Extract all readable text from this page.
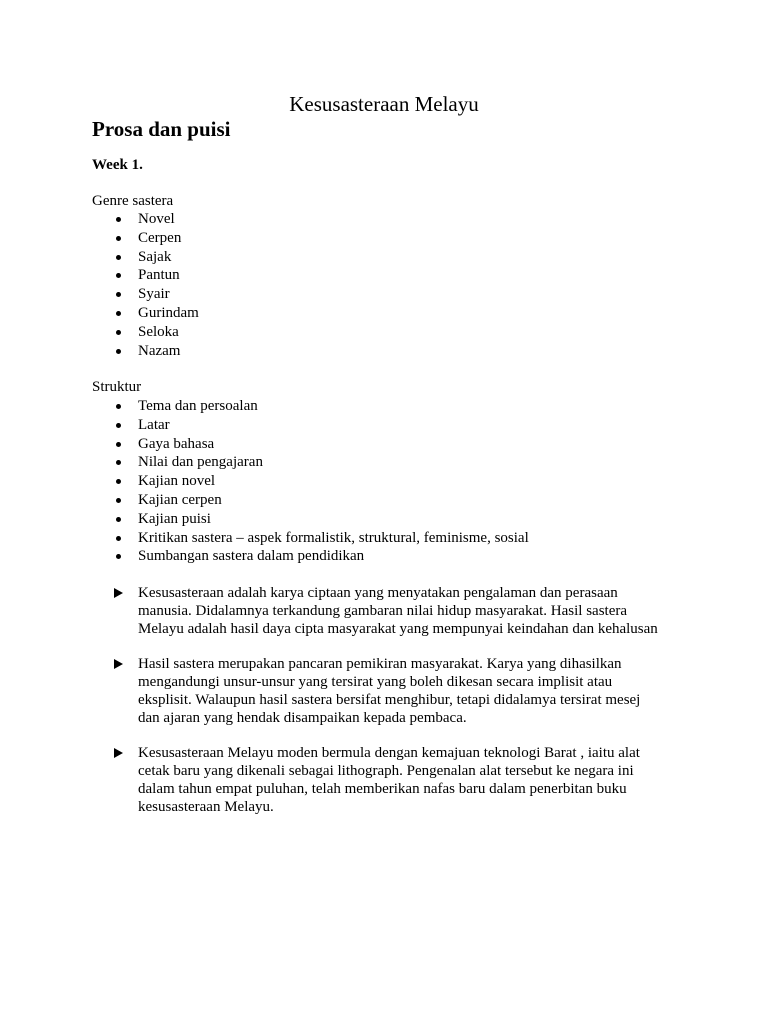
Kesusasteraan Melayu
Prosa dan puisi
Week 1.
Genre sastera
Novel
Cerpen
Sajak
Pantun
Syair
Gurindam
Seloka
Nazam
Struktur
Tema dan persoalan
Latar
Gaya bahasa
Nilai dan pengajaran
Kajian novel
Kajian cerpen
Kajian puisi
Kritikan sastera – aspek formalistik, struktural, feminisme, sosial
Sumbangan sastera dalam pendidikan
Kesusasteraan adalah karya ciptaan yang menyatakan pengalaman dan perasaan
manusia. Didalamnya terkandung gambaran nilai hidup masyarakat. Hasil sastera
Melayu adalah hasil daya cipta masyarakat yang mempunyai keindahan dan kehalusan
Hasil sastera merupakan pancaran pemikiran masyarakat. Karya yang dihasilkan
mengandungi unsur-unsur yang tersirat yang boleh dikesan secara implisit atau
eksplisit. Walaupun hasil sastera bersifat menghibur, tetapi didalamya tersirat mesej
dan ajaran yang hendak disampaikan kepada pembaca.
Kesusasteraan Melayu moden bermula dengan kemajuan teknologi Barat , iaitu alat
cetak baru yang dikenali sebagai lithograph. Pengenalan alat tersebut ke negara ini
dalam tahun empat puluhan, telah memberikan nafas baru dalam penerbitan buku
kesusasteraan Melayu.
